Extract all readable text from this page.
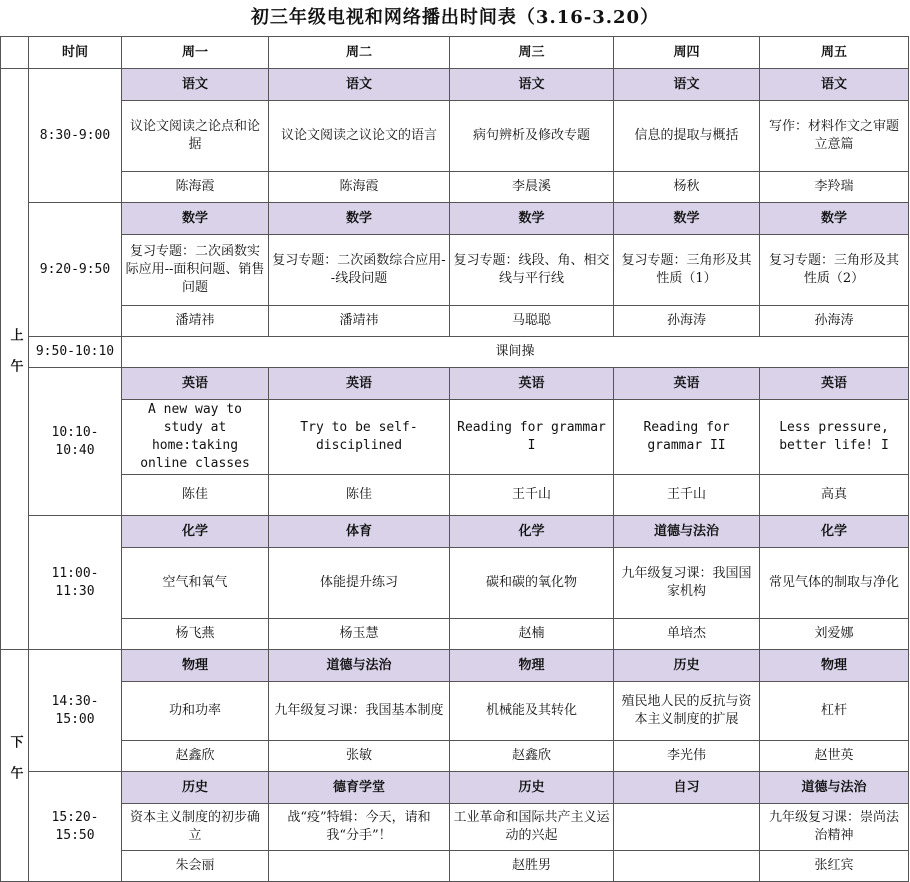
初三年级电视和网络播出时间表（3.16-3.20）
	时间	周一	周二	周三	周四	周五
上午	8:30-9:00	语文	语文	语文	语文	语文
		议论文阅读之论点和论据	议论文阅读之议论文的语言	病句辨析及修改专题	信息的提取与概括	写作：材料作文之审题立意篇
		陈海霞	陈海霞	李晨溪	杨秋	李羚瑞
	9:20-9:50	数学	数学	数学	数学	数学
		复习专题：二次函数实际应用--面积问题、销售问题	复习专题：二次函数综合应用--线段问题	复习专题：线段、角、相交线与平行线	复习专题：三角形及其性质（1）	复习专题：三角形及其性质（2）
		潘靖祎	潘靖祎	马聪聪	孙海涛	孙海涛
	9:50-10:10	课间操				
	10:10-10:40	英语	英语	英语	英语	英语
		A new way to study at home:taking online classes	Try to be self-disciplined	Reading for grammar I	Reading for grammar II	Less pressure, better life! I
		陈佳	陈佳	王千山	王千山	高真
	11:00-11:30	化学	体育	化学	道德与法治	化学
		空气和氧气	体能提升练习	碳和碳的氧化物	九年级复习课：我国国家机构	常见气体的制取与净化
		杨飞燕	杨玉慧	赵楠	单培杰	刘爱娜
下午	14:30-15:00	物理	道德与法治	物理	历史	物理
		功和功率	九年级复习课：我国基本制度	机械能及其转化	殖民地人民的反抗与资本主义制度的扩展	杠杆
		赵鑫欣	张敏	赵鑫欣	李光伟	赵世英
	15:20-15:50	历史	德育学堂	历史	自习	道德与法治
		资本主义制度的初步确立	战“疫”特辑：今天，请和我“分手”！	工业革命和国际共产主义运动的兴起		九年级复习课：崇尚法治精神
		朱会丽		赵胜男		张红宾
